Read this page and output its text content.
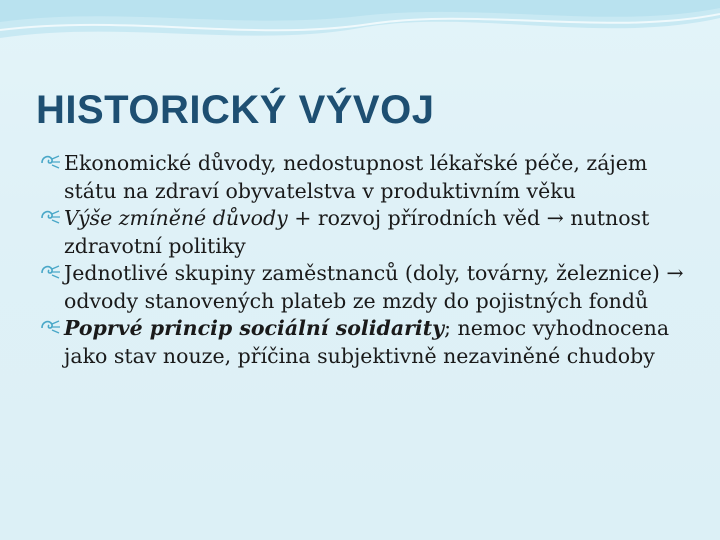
HISTORICKÝ VÝVOJ
Ekonomické důvody, nedostupnost lékařské péče, zájem státu na zdraví obyvatelstva v produktivním věku
Výše zmíněné důvody + rozvoj přírodních věd → nutnost zdravotní politiky
Jednotlivé skupiny zaměstnanců (doly, továrny, železnice) → odvody stanovených plateb ze mzdy do pojistných fondů
Poprvé princip sociální solidarity; nemoc vyhodnocena jako stav nouze, příčina subjektivně nezaviněné chudoby
